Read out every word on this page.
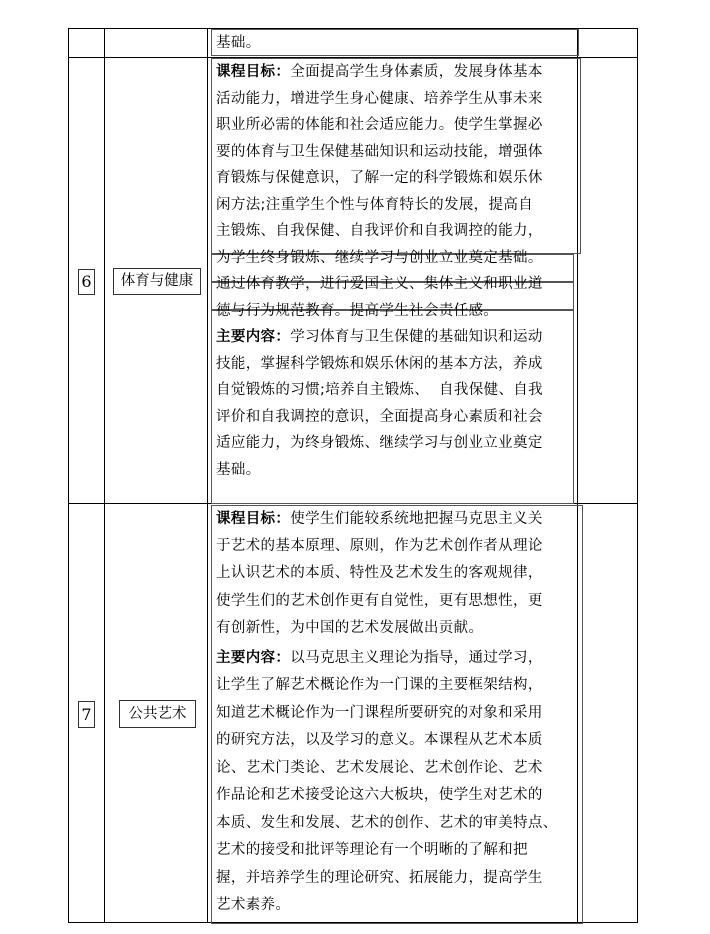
基础。
6	体育与健康
课程目标：全面提高学生身体素质，发展身体基本
活动能力，增进学生身心健康、培养学生从事未来
职业所必需的体能和社会适应能力。使学生掌握必
要的体育与卫生保健基础知识和运动技能，增强体
育锻炼与保健意识，了解一定的科学锻炼和娱乐休
闲方法;注重学生个性与体育特长的发展，提高自
主锻炼、自我保健、自我评价和自我调控的能力，
为学生终身锻炼、继续学习与创业立业奠定基础。
通过体育教学，进行爱国主义、集体主义和职业道
德与行为规范教育。提高学生社会责任感。
主要内容：学习体育与卫生保健的基础知识和运动
技能，掌握科学锻炼和娱乐休闲的基本方法，养成
自觉锻炼的习惯;培养自主锻炼、  自我保健、自我
评价和自我调控的意识，全面提高身心素质和社会
适应能力，为终身锻炼、继续学习与创业立业奠定
基础。
7	公共艺术
课程目标：使学生们能较系统地把握马克思主义关
于艺术的基本原理、原则，作为艺术创作者从理论
上认识艺术的本质、特性及艺术发生的客观规律，
使学生们的艺术创作更有自觉性，更有思想性，更
有创新性，为中国的艺术发展做出贡献。
主要内容：以马克思主义理论为指导，通过学习，
让学生了解艺术概论作为一门课的主要框架结构，
知道艺术概论作为一门课程所要研究的对象和采用
的研究方法，以及学习的意义。本课程从艺术本质
论、艺术门类论、艺术发展论、艺术创作论、艺术
作品论和艺术接受论这六大板块，使学生对艺术的
本质、发生和发展、艺术的创作、艺术的审美特点、
艺术的接受和批评等理论有一个明晰的了解和把
握，并培养学生的理论研究、拓展能力，提高学生
艺术素养。
